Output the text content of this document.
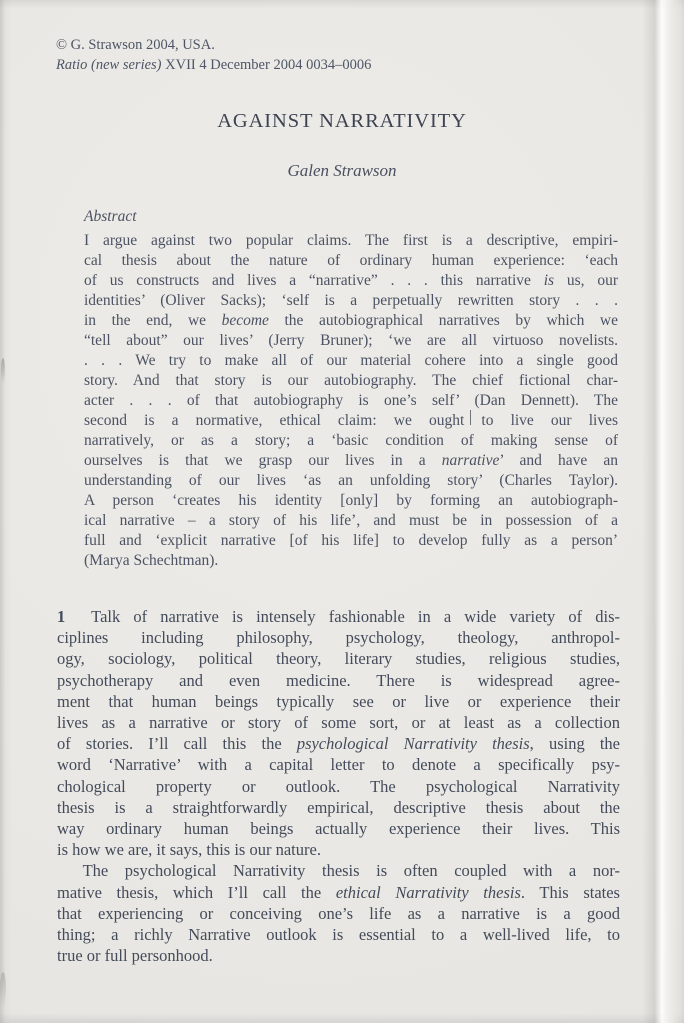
© G. Strawson 2004, USA.
Ratio (new series) XVII 4 December 2004 0034–0006
AGAINST NARRATIVITY
Galen Strawson
Abstract
I argue against two popular claims. The first is a descriptive, empiri-
cal thesis about the nature of ordinary human experience: ‘each
of us constructs and lives a “narrative” . . . this narrative is us, our
identities’ (Oliver Sacks); ‘self is a perpetually rewritten story . . .
in the end, we become the autobiographical narratives by which we
“tell about” our lives’ (Jerry Bruner); ‘we are all virtuoso novelists.
. . . We try to make all of our material cohere into a single good
story. And that story is our autobiography. The chief fictional char-
acter . . . of that autobiography is one’s self’ (Dan Dennett). The
second is a normative, ethical claim: we ought to live our lives
narratively, or as a story; a ‘basic condition of making sense of
ourselves is that we grasp our lives in a narrative’ and have an
understanding of our lives ‘as an unfolding story’ (Charles Taylor).
A person ‘creates his identity [only] by forming an autobiograph-
ical narrative – a story of his life’, and must be in possession of a
full and ‘explicit narrative [of his life] to develop fully as a person’
(Marya Schechtman).
1  Talk of narrative is intensely fashionable in a wide variety of dis-
ciplines including philosophy, psychology, theology, anthropol-
ogy, sociology, political theory, literary studies, religious studies,
psychotherapy and even medicine. There is widespread agree-
ment that human beings typically see or live or experience their
lives as a narrative or story of some sort, or at least as a collection
of stories. I’ll call this the psychological Narrativity thesis, using the
word ‘Narrative’ with a capital letter to denote a specifically psy-
chological property or outlook. The psychological Narrativity
thesis is a straightforwardly empirical, descriptive thesis about the
way ordinary human beings actually experience their lives. This
is how we are, it says, this is our nature.
The psychological Narrativity thesis is often coupled with a nor-
mative thesis, which I’ll call the ethical Narrativity thesis. This states
that experiencing or conceiving one’s life as a narrative is a good
thing; a richly Narrative outlook is essential to a well-lived life, to
true or full personhood.
